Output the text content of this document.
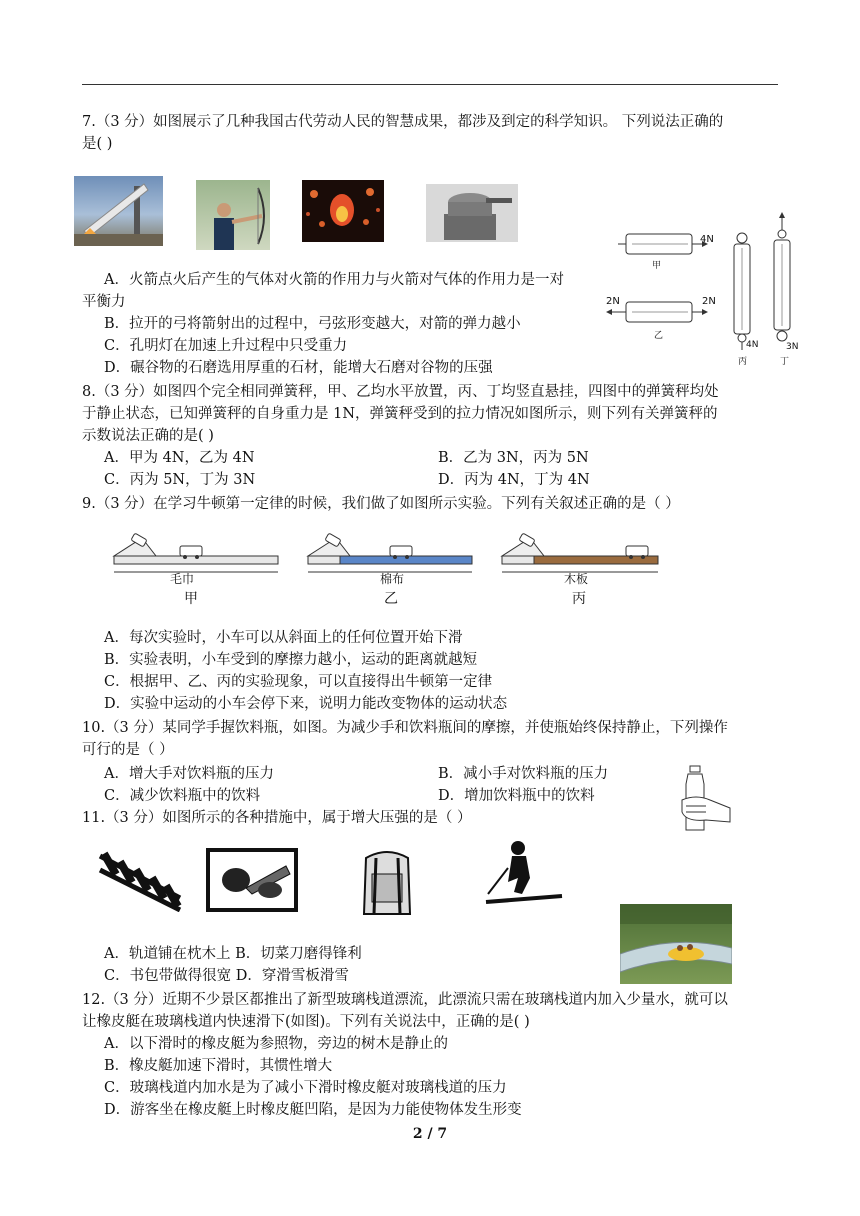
7.（3 分）如图展示了几种我国古代劳动人民的智慧成果，都涉及到定的科学知识。 下列说法正确的
是( )
4N
甲
2N	2N
乙
4N
丙
3N
丁
A．火箭点火后产生的气体对火箭的作用力与火箭对气体的作用力是一对
平衡力
B．拉开的弓将箭射出的过程中，弓弦形变越大，对箭的弹力越小
C．孔明灯在加速上升过程中只受重力
D．碾谷物的石磨选用厚重的石材，能增大石磨对谷物的压强
8.（3 分）如图四个完全相同弹簧秤，甲、乙均水平放置，丙、丁均竖直悬挂，四图中的弹簧秤均处
于静止状态，已知弹簧秤的自身重力是 1N，弹簧秤受到的拉力情况如图所示，则下列有关弹簧秤的
示数说法正确的是( )
A．甲为 4N，乙为 4N	B．乙为 3N，丙为 5N
C．丙为 5N，丁为 3N	D．丙为 4N，丁为 4N
9.（3 分）在学习牛顿第一定律的时候，我们做了如图所示实验。下列有关叙述正确的是（ ）
毛巾
甲
棉布
乙
木板
丙
A．每次实验时，小车可以从斜面上的任何位置开始下滑
B．实验表明，小车受到的摩擦力越小，运动的距离就越短
C．根据甲、乙、丙的实验现象，可以直接得出牛顿第一定律
D．实验中运动的小车会停下来，说明力能改变物体的运动状态
10.（3 分）某同学手握饮料瓶，如图。为减少手和饮料瓶间的摩擦，并使瓶始终保持静止，下列操作
可行的是（ ）
A．增大手对饮料瓶的压力	B．减小手对饮料瓶的压力
C．减少饮料瓶中的饮料	D．增加饮料瓶中的饮料
11.（3 分）如图所示的各种措施中，属于增大压强的是（ ）
A．轨道铺在枕木上 B．切菜刀磨得锋利
C．书包带做得很宽 D．穿滑雪板滑雪
12.（3 分）近期不少景区都推出了新型玻璃栈道漂流，此漂流只需在玻璃栈道内加入少量水，就可以
让橡皮艇在玻璃栈道内快速滑下(如图)。下列有关说法中，正确的是( )
A．以下滑时的橡皮艇为参照物，旁边的树木是静止的
B．橡皮艇加速下滑时，其惯性增大
C．玻璃栈道内加水是为了减小下滑时橡皮艇对玻璃栈道的压力
D．游客坐在橡皮艇上时橡皮艇凹陷，是因为力能使物体发生形变
2 / 7
